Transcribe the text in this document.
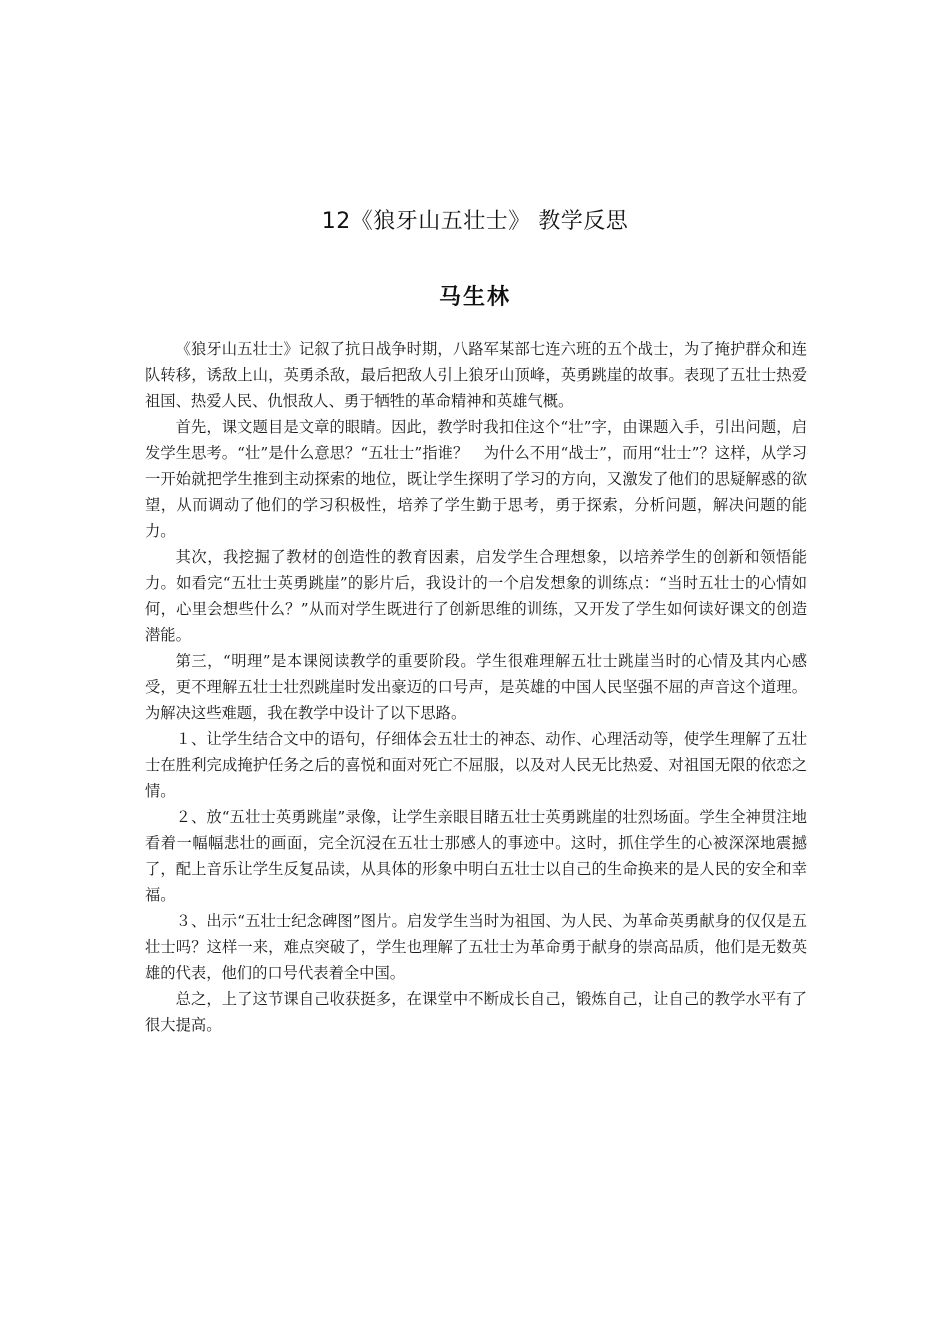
12《狼牙山五壮士》 教学反思
马生林

《狼牙山五壮士》记叙了抗日战争时期，八路军某部七连六班的五个战士，为了掩护群众和连队转移，诱敌上山，英勇杀敌，最后把敌人引上狼牙山顶峰，英勇跳崖的故事。表现了五壮士热爱祖国、热爱人民、仇恨敌人、勇于牺牲的革命精神和英雄气概。

首先，课文题目是文章的眼睛。因此，教学时我扣住这个“壮”字，由课题入手，引出问题，启发学生思考。“壮”是什么意思？“五壮士”指谁？　为什么不用“战士”，而用“壮士”？这样，从学习一开始就把学生推到主动探索的地位，既让学生探明了学习的方向，又激发了他们的思疑解惑的欲望，从而调动了他们的学习积极性，培养了学生勤于思考，勇于探索，分析问题，解决问题的能力。

其次，我挖掘了教材的创造性的教育因素，启发学生合理想象，以培养学生的创新和领悟能力。如看完“五壮士英勇跳崖”的影片后，我设计的一个启发想象的训练点：“当时五壮士的心情如何，心里会想些什么？”从而对学生既进行了创新思维的训练，又开发了学生如何读好课文的创造潜能。

第三，“明理”是本课阅读教学的重要阶段。学生很难理解五壮士跳崖当时的心情及其内心感受，更不理解五壮士壮烈跳崖时发出豪迈的口号声，是英雄的中国人民坚强不屈的声音这个道理。为解决这些难题，我在教学中设计了以下思路。

１、让学生结合文中的语句，仔细体会五壮士的神态、动作、心理活动等，使学生理解了五壮士在胜利完成掩护任务之后的喜悦和面对死亡不屈服，以及对人民无比热爱、对祖国无限的依恋之情。

２、放“五壮士英勇跳崖”录像，让学生亲眼目睹五壮士英勇跳崖的壮烈场面。学生全神贯注地看着一幅幅悲壮的画面，完全沉浸在五壮士那感人的事迹中。这时，抓住学生的心被深深地震撼了，配上音乐让学生反复品读，从具体的形象中明白五壮士以自己的生命换来的是人民的安全和幸福。

３、出示“五壮士纪念碑图”图片。启发学生当时为祖国、为人民、为革命英勇献身的仅仅是五壮士吗？这样一来，难点突破了，学生也理解了五壮士为革命勇于献身的崇高品质，他们是无数英雄的代表，他们的口号代表着全中国。

总之，上了这节课自己收获挺多，在课堂中不断成长自己，锻炼自己，让自己的教学水平有了很大提高。
